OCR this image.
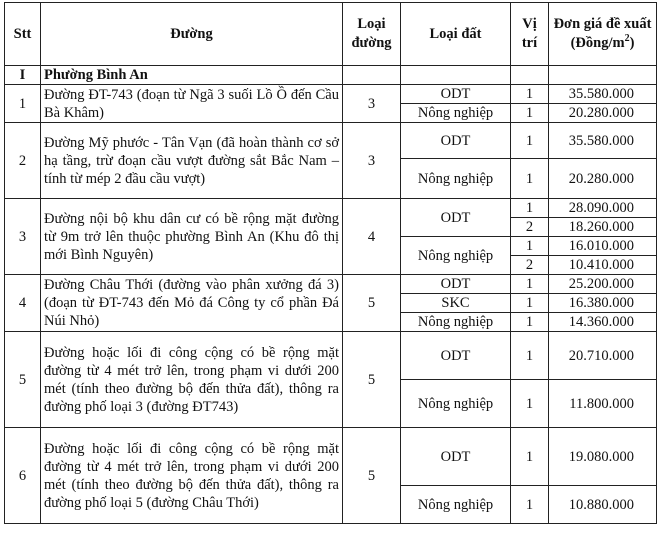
Stt	Đường	Loại đường	Loại đất	Vị trí	Đơn giá đề xuất
$(Đồng/m^2)$
I	Phường Bình An				
1	Đường ĐT-743 (đoạn từ Ngã 3 suối Lồ Ồ đến Cầu Bà Khâm)	3	ODT	1	35.580.000
			Nông nghiệp	1	20.280.000
2	Đường Mỹ phước - Tân Vạn (đã hoàn thành cơ sở hạ tầng, trừ đoạn cầu vượt đường sắt Bắc Nam – tính từ mép 2 đầu cầu vượt)	3	ODT	1	35.580.000
			Nông nghiệp	1	20.280.000
3	Đường nội bộ khu dân cư có bề rộng mặt đường từ 9m trở lên thuộc phường Bình An (Khu đô thị mới Bình Nguyên)	4	ODT	1	28.090.000
				2	18.260.000
			Nông nghiệp	1	16.010.000
				2	10.410.000
4	Đường Châu Thới (đường vào phân xưởng đá 3) (đoạn từ ĐT-743 đến Mỏ đá Công ty cổ phần Đá Núi Nhỏ)	5	ODT	1	25.200.000
			SKC	1	16.380.000
			Nông nghiệp	1	14.360.000
5	Đường hoặc lối đi công cộng có bề rộng mặt đường từ 4 mét trở lên, trong phạm vi dưới 200 mét (tính theo đường bộ đến thửa đất), thông ra đường phố loại 3 (đường ĐT743)	5	ODT	1	20.710.000
			Nông nghiệp	1	11.800.000
6	Đường hoặc lối đi công cộng có bề rộng mặt đường từ 4 mét trở lên, trong phạm vi dưới 200 mét (tính theo đường bộ đến thửa đất), thông ra đường phố loại 5 (đường Châu Thới)	5	ODT	1	19.080.000
			Nông nghiệp	1	10.880.000
